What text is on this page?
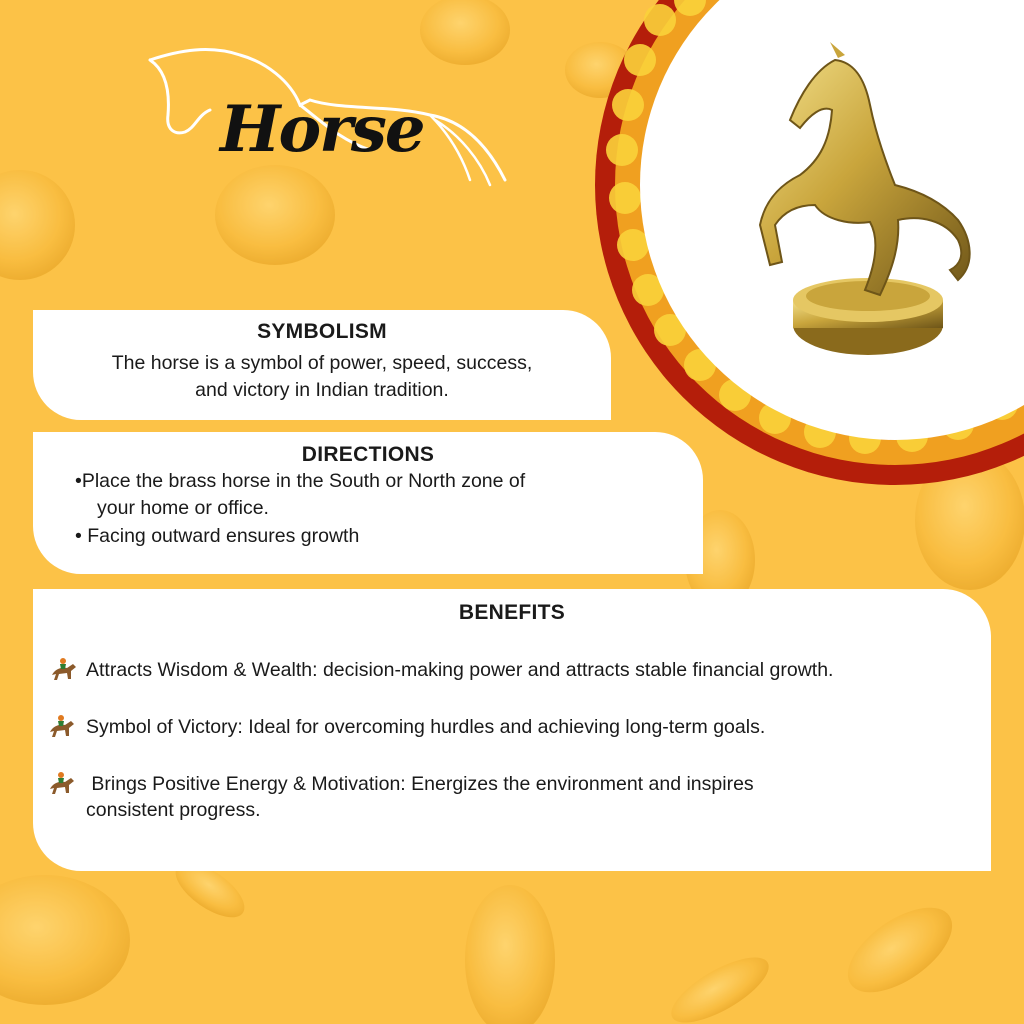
Horse
SYMBOLISM
The horse is a symbol of power, speed, success,
and victory in Indian tradition.
DIRECTIONS
•Place the brass horse in the South or North zone of
your home or office.
• Facing outward ensures growth
BENEFITS
Attracts Wisdom & Wealth: decision-making power and attracts stable financial growth.
Symbol of Victory: Ideal for overcoming hurdles and achieving long-term goals.
Brings Positive Energy & Motivation: Energizes the environment and inspires
consistent progress.
